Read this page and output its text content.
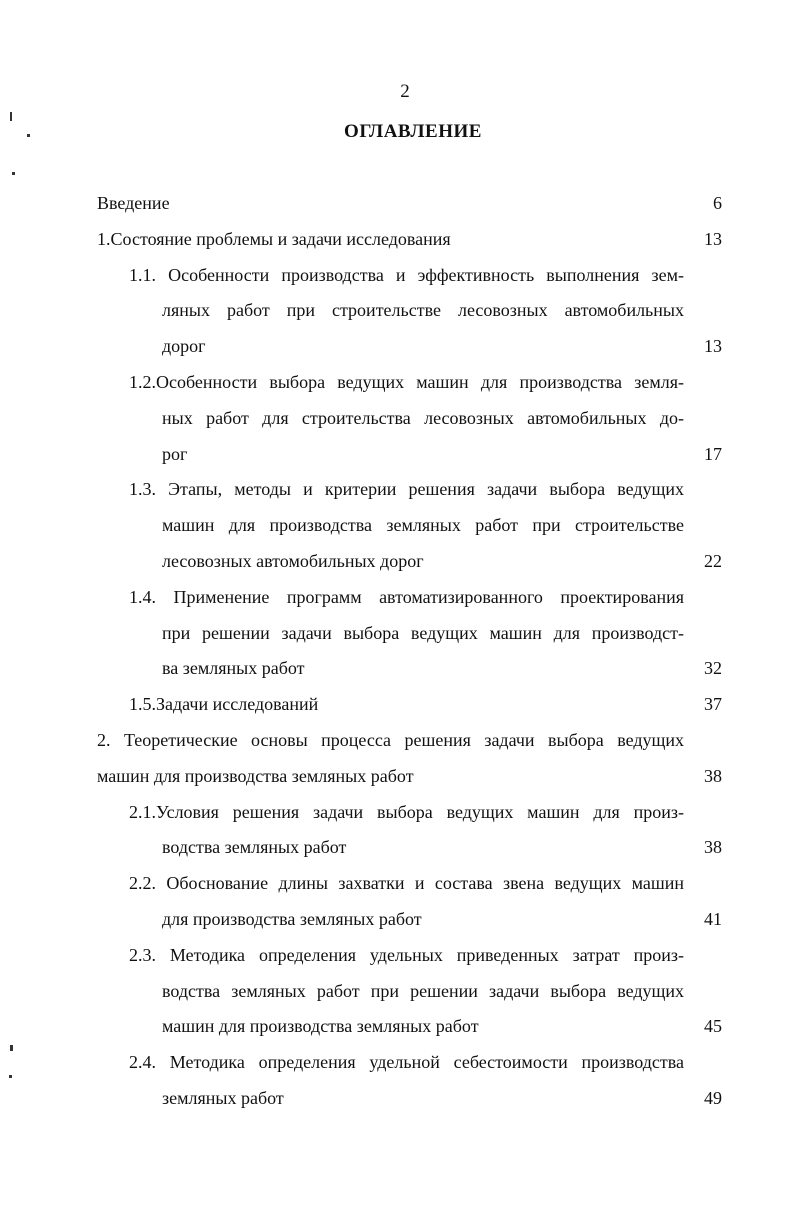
2
ОГЛАВЛЕНИЕ
Введение	6
1.Состояние проблемы и задачи исследования	13
1.1. Особенности производства и эффективность выполнения зем-
ляных работ при строительстве лесовозных автомобильных
дорог	13
1.2.Особенности выбора ведущих машин для производства земля-
ных работ для строительства лесовозных автомобильных до-
рог	17
1.3. Этапы, методы и критерии решения задачи выбора ведущих
машин для производства земляных работ при строительстве
лесовозных автомобильных дорог	22
1.4. Применение программ автоматизированного проектирования
при решении задачи выбора ведущих машин для производст-
ва земляных работ	32
1.5.Задачи исследований	37
2. Теоретические основы процесса решения задачи выбора ведущих
машин для производства земляных работ	38
2.1.Условия решения задачи выбора ведущих машин для произ-
водства земляных работ	38
2.2. Обоснование длины захватки и состава звена ведущих машин
для производства земляных работ	41
2.3. Методика определения удельных приведенных затрат произ-
водства земляных работ при решении задачи выбора ведущих
машин для производства земляных работ	45
2.4. Методика определения удельной себестоимости производства
земляных работ	49
